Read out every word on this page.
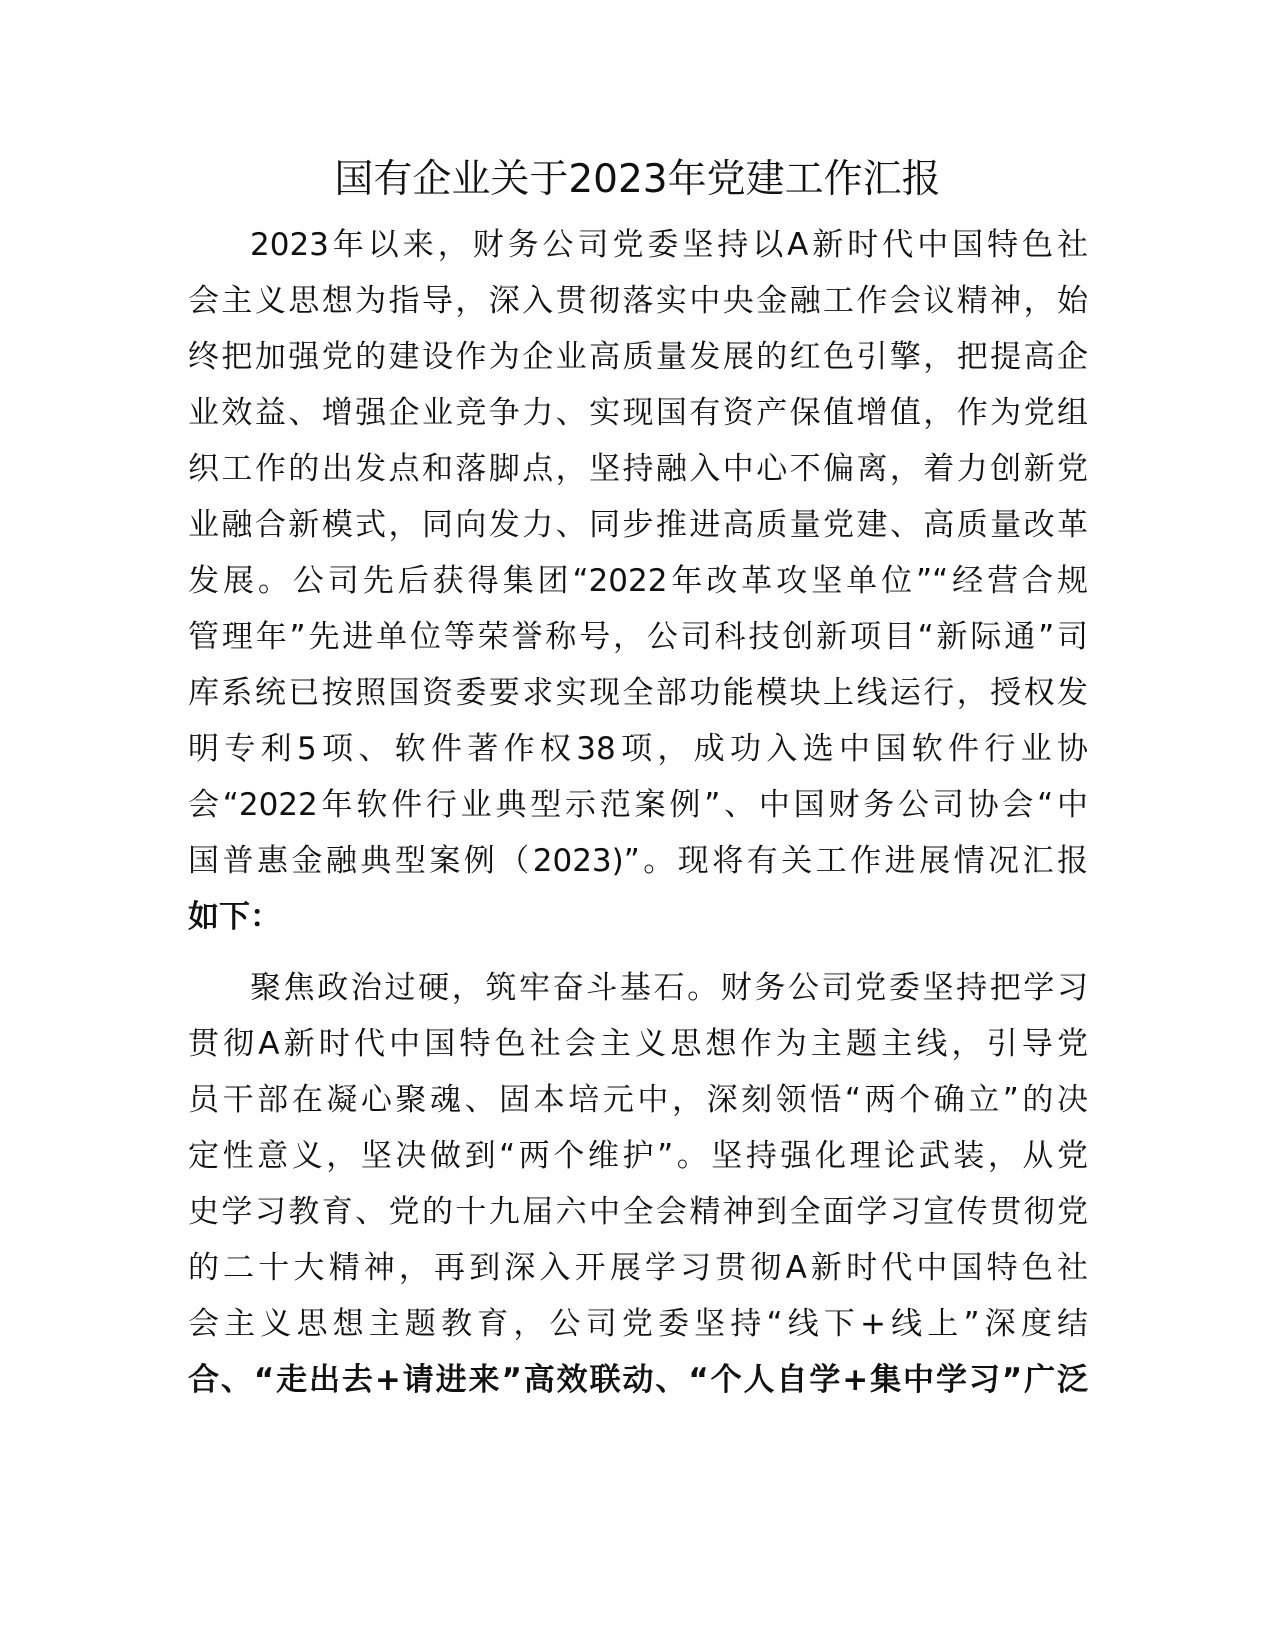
国有企业关于2023年党建工作汇报
2023年以来，财务公司党委坚持以A新时代中国特色社
会主义思想为指导，深入贯彻落实中央金融工作会议精神，始
终把加强党的建设作为企业高质量发展的红色引擎，把提高企
业效益、增强企业竞争力、实现国有资产保值增值，作为党组
织工作的出发点和落脚点，坚持融入中心不偏离，着力创新党
业融合新模式，同向发力、同步推进高质量党建、高质量改革
发展。公司先后获得集团“2022年改革攻坚单位”“经营合规
管理年”先进单位等荣誉称号，公司科技创新项目“新际通”司
库系统已按照国资委要求实现全部功能模块上线运行，授权发
明专利5项、软件著作权38项，成功入选中国软件行业协
会“2022年软件行业典型示范案例”、中国财务公司协会“中
国普惠金融典型案例（2023)”。现将有关工作进展情况汇报
如下：
聚焦政治过硬，筑牢奋斗基石。财务公司党委坚持把学习
贯彻A新时代中国特色社会主义思想作为主题主线，引导党
员干部在凝心聚魂、固本培元中，深刻领悟“两个确立”的决
定性意义，坚决做到“两个维护”。坚持强化理论武装，从党
史学习教育、党的十九届六中全会精神到全面学习宣传贯彻党
的二十大精神，再到深入开展学习贯彻A新时代中国特色社
会主义思想主题教育，公司党委坚持“线下+线上”深度结
合、“走出去+请进来”高效联动、“个人自学+集中学习”广泛
